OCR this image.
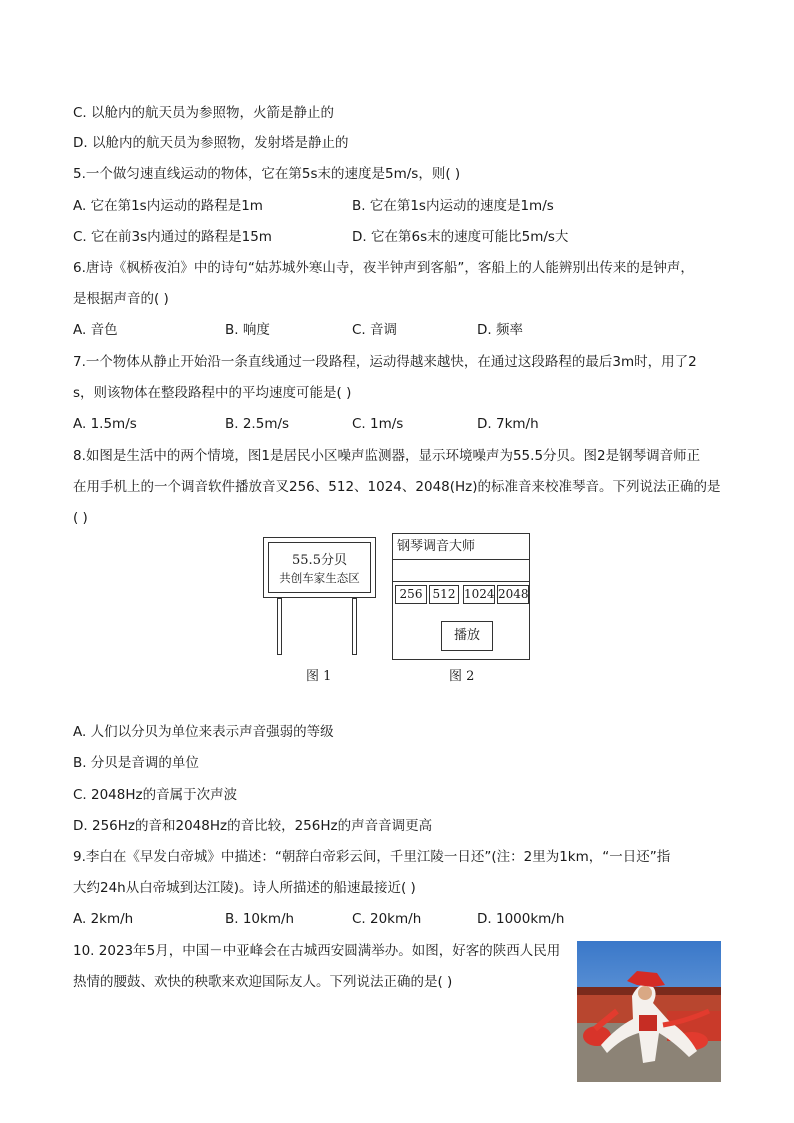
C. 以舱内的航天员为参照物，火箭是静止的
D. 以舱内的航天员为参照物，发射塔是静止的
5.一个做匀速直线运动的物体，它在第5s末的速度是5m/s，则( )
A. 它在第1s内运动的路程是1m	B. 它在第1s内运动的速度是1m/s
C. 它在前3s内通过的路程是15m	D. 它在第6s末的速度可能比5m/s大
6.唐诗《枫桥夜泊》中的诗句“姑苏城外寒山寺，夜半钟声到客船”，客船上的人能辨别出传来的是钟声，
是根据声音的( )
A. 音色	B. 响度	C. 音调	D. 频率
7.一个物体从静止开始沿一条直线通过一段路程，运动得越来越快，在通过这段路程的最后3m时，用了2
s，则该物体在整段路程中的平均速度可能是( )
A. 1.5m/s	B. 2.5m/s	C. 1m/s	D. 7km/h
8.如图是生活中的两个情境，图1是居民小区噪声监测器，显示环境噪声为55.5分贝。图2是钢琴调音师正
在用手机上的一个调音软件播放音叉256、512、1024、2048(Hz)的标准音来校准琴音。下列说法正确的是
( )
55.5分贝
共创车家生态区
图 1
钢琴调音大师
256 512 1024 2048
播放
图 2
A. 人们以分贝为单位来表示声音强弱的等级
B. 分贝是音调的单位
C. 2048Hz的音属于次声波
D. 256Hz的音和2048Hz的音比较，256Hz的声音音调更高
9.李白在《早发白帝城》中描述：“朝辞白帝彩云间，千里江陵一日还”(注：2里为1km，“一日还”指
大约24h从白帝城到达江陵)。诗人所描述的船速最接近( )
A. 2km/h	B. 10km/h	C. 20km/h	D. 1000km/h
10. 2023年5月，中国－中亚峰会在古城西安圆满举办。如图，好客的陕西人民用
热情的腰鼓、欢快的秧歌来欢迎国际友人。下列说法正确的是( )
